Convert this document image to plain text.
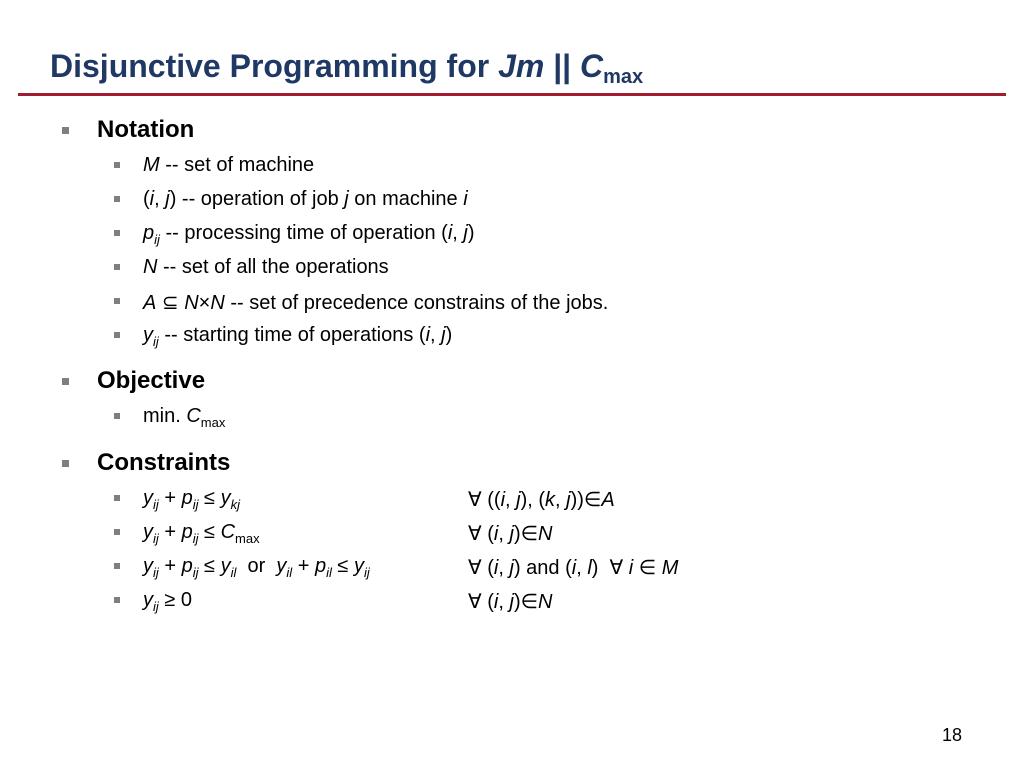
Disjunctive Programming for Jm || $C_{max}$
Notation
M -- set of machine
(i, j) -- operation of job j on machine i
$p_{ij}$ -- processing time of operation (i, j)
N -- set of all the operations
A ⊆ N×N -- set of precedence constrains of the jobs.
$y_{ij}$ -- starting time of operations (i, j)
Objective
min. $C_{max}$
Constraints
$y_{ij} + p_{ij} \le y_{kj}$	∀ ((i, j), (k, j))∈A
$y_{ij} + p_{ij} \le C_{max}$	∀ (i, j)∈N
$y_{ij} + p_{ij} \le y_{il}$  or  $y_{il} + p_{il} \le y_{ij}$	∀ (i, j) and (i, l)  ∀ i ∈ M
$y_{ij} \ge 0$	∀ (i, j)∈N
18
